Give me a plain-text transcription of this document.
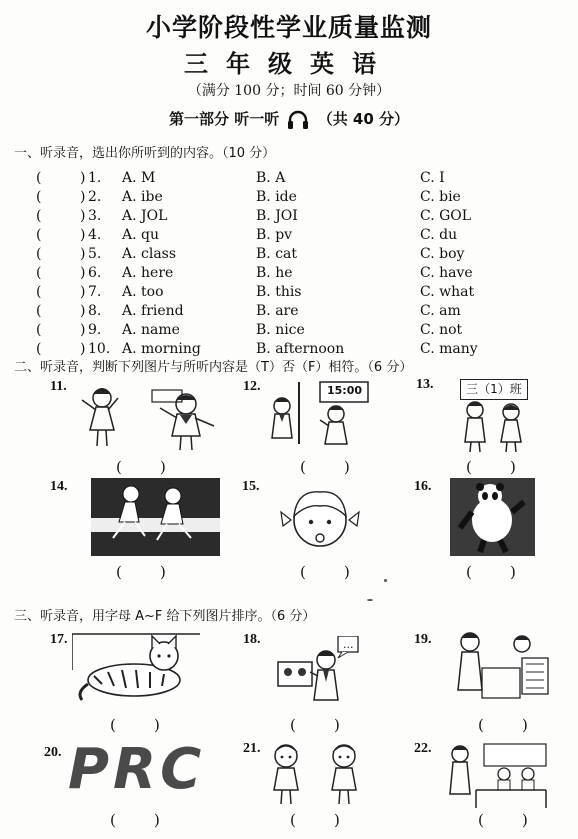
小学阶段性学业质量监测
三年级英语
（满分 100 分；时间 60 分钟）
第一部分 听一听	（共 40 分）
一、听录音，选出你所听到的内容。（10 分）
(	) 1. A. M	B. A	C. I
(	) 2. A. ibe	B. ide	C. bie
(	) 3. A. JOL	B. JOI	C. GOL
(	) 4. A. qu	B. pv	C. du
(	) 5. A. class	B. cat	C. boy
(	) 6. A. here	B. he	C. have
(	) 7. A. too	B. this	C. what
(	) 8. A. friend	B. are	C. am
(	) 9. A. name	B. nice	C. not
(	) 10. A. morning	B. afternoon	C. many
二、听录音，判断下列图片与所听内容是（T）否（F）相符。（6 分）
11.
(        )
12.	15:00
(        )
13.	三（1）班
(        )
14.
(        )
15.
(        )
16.
(        )
三、听录音，用字母 A~F 给下列图片排序。（6 分）
17.
(        )
18.	...
(        )
19.
(        )
20. PRC
(        )
21.
(        )
22.
(        )
